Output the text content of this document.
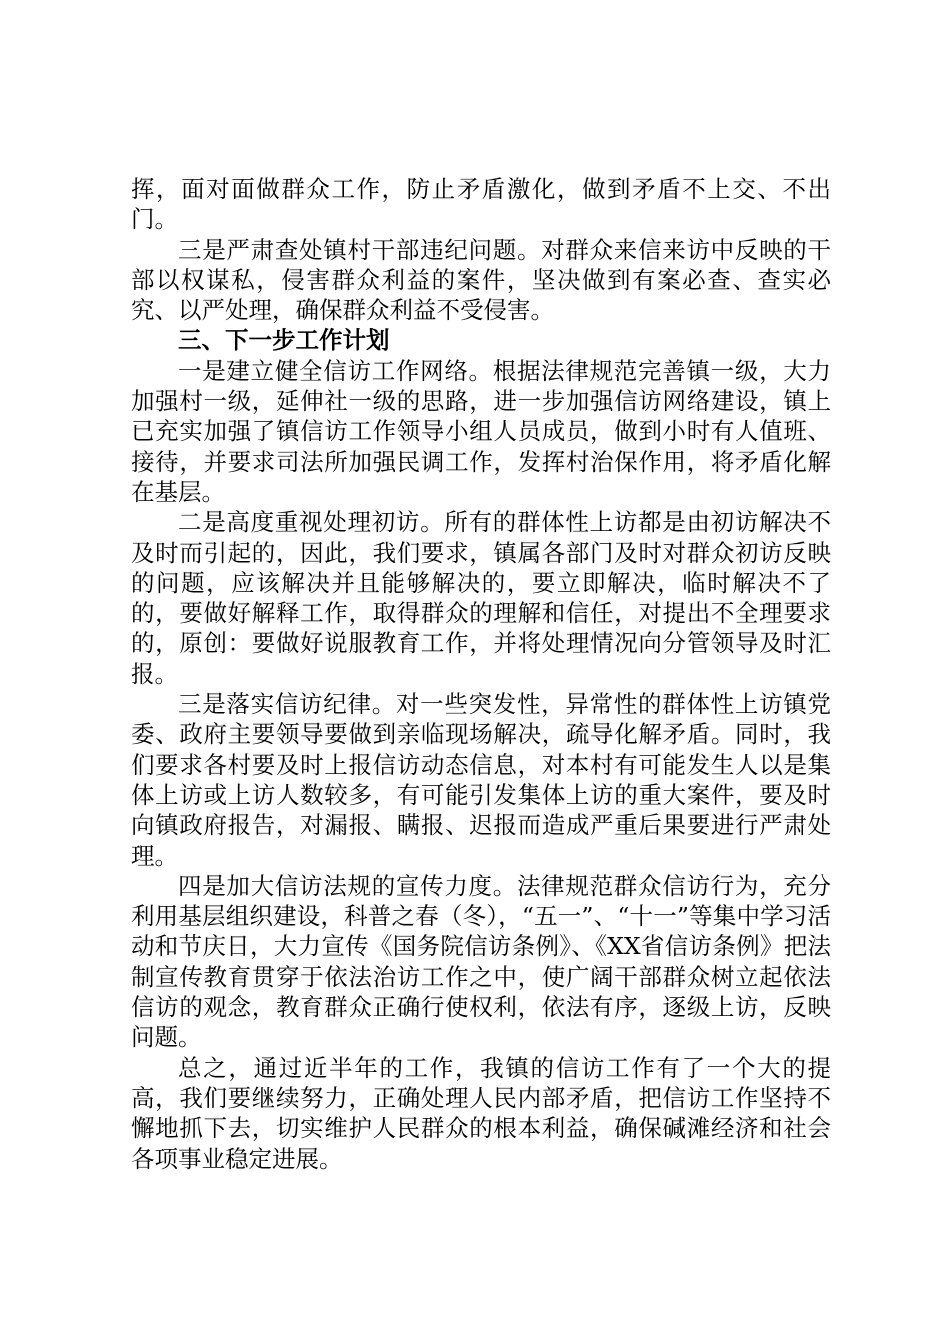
挥，面对面做群众工作，防止矛盾激化，做到矛盾不上交、不出门。

三是严肃查处镇村干部违纪问题。对群众来信来访中反映的干部以权谋私，侵害群众利益的案件，坚决做到有案必查、查实必究、以严处理，确保群众利益不受侵害。

三、下一步工作计划

一是建立健全信访工作网络。根据法律规范完善镇一级，大力加强村一级，延伸社一级的思路，进一步加强信访网络建设，镇上已充实加强了镇信访工作领导小组人员成员，做到小时有人值班、接待，并要求司法所加强民调工作，发挥村治保作用，将矛盾化解在基层。

二是高度重视处理初访。所有的群体性上访都是由初访解决不及时而引起的，因此，我们要求，镇属各部门及时对群众初访反映的问题，应该解决并且能够解决的，要立即解决，临时解决不了的，要做好解释工作，取得群众的理解和信任，对提出不全理要求的，原创：要做好说服教育工作，并将处理情况向分管领导及时汇报。

三是落实信访纪律。对一些突发性，异常性的群体性上访镇党委、政府主要领导要做到亲临现场解决，疏导化解矛盾。同时，我们要求各村要及时上报信访动态信息，对本村有可能发生人以是集体上访或上访人数较多，有可能引发集体上访的重大案件，要及时向镇政府报告，对漏报、瞒报、迟报而造成严重后果要进行严肃处理。

四是加大信访法规的宣传力度。法律规范群众信访行为，充分利用基层组织建设，科普之春（冬），“五一”、“十一”等集中学习活动和节庆日，大力宣传《国务院信访条例》、《XX省信访条例》把法制宣传教育贯穿于依法治访工作之中，使广阔干部群众树立起依法信访的观念，教育群众正确行使权利，依法有序，逐级上访，反映问题。

总之，通过近半年的工作，我镇的信访工作有了一个大的提高，我们要继续努力，正确处理人民内部矛盾，把信访工作坚持不懈地抓下去，切实维护人民群众的根本利益，确保碱滩经济和社会各项事业稳定进展。
